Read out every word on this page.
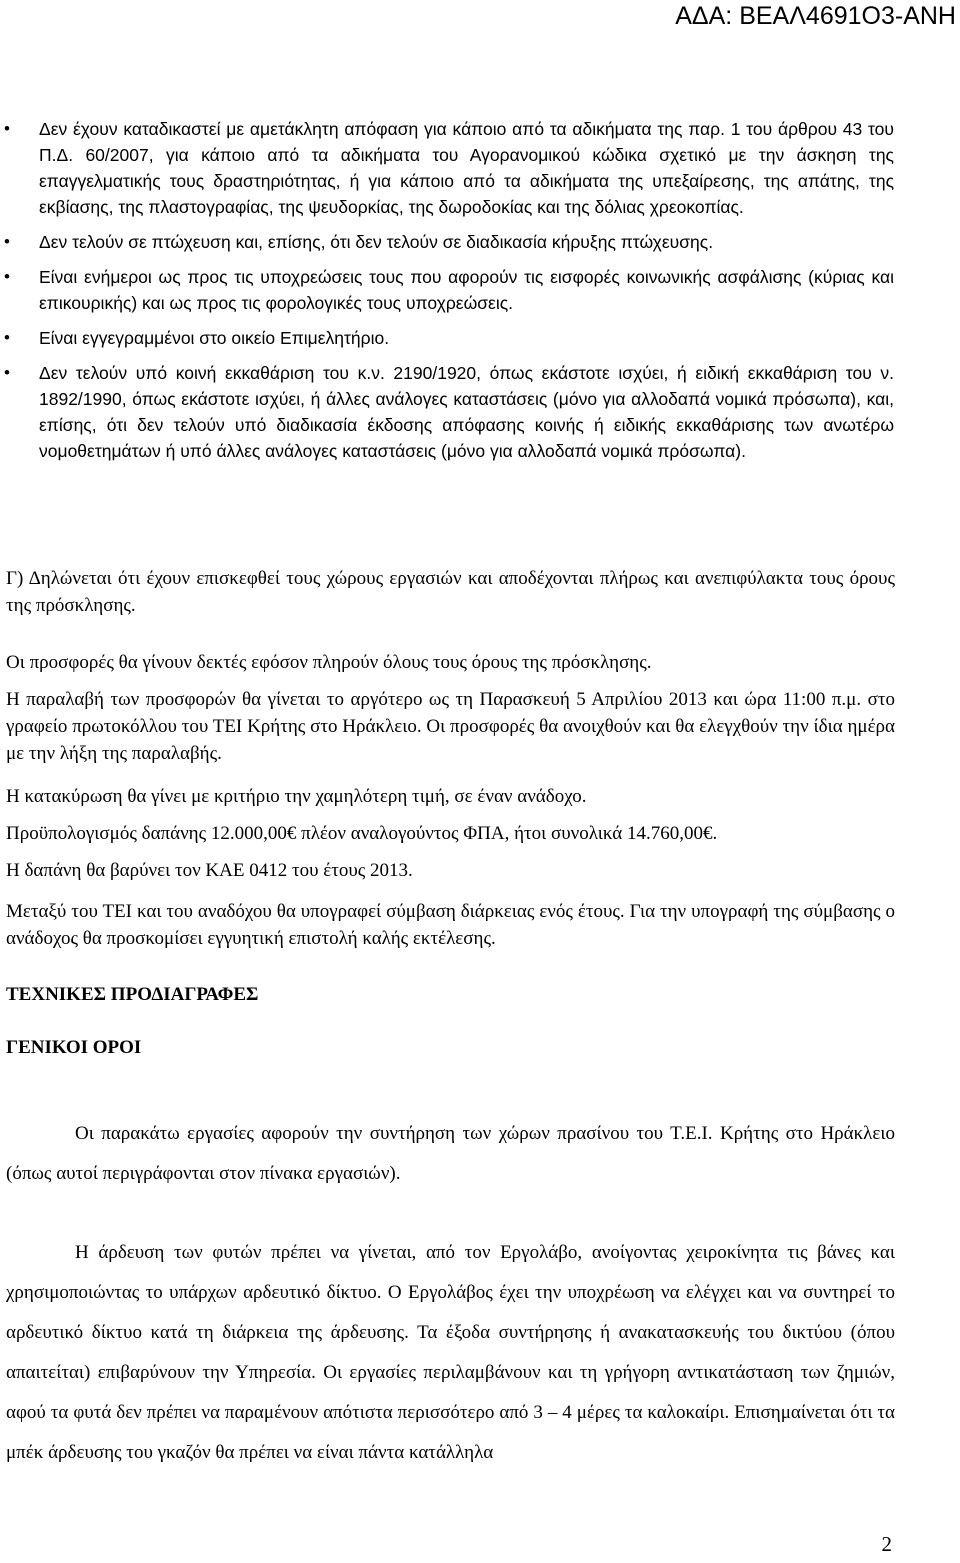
ΑΔΑ: ΒΕΑΛ4691Ο3-ΑΝΗ
• Δεν έχουν καταδικαστεί με αμετάκλητη απόφαση για κάποιο από τα αδικήματα της παρ. 1 του άρθρου 43 του Π.Δ. 60/2007, για κάποιο από τα αδικήματα του Αγορανομικού κώδικα σχετικό με την άσκηση της επαγγελματικής τους δραστηριότητας, ή για κάποιο από τα αδικήματα της υπεξαίρεσης, της απάτης, της εκβίασης, της πλαστογραφίας, της ψευδορκίας, της δωροδοκίας και της δόλιας χρεοκοπίας.
• Δεν τελούν σε πτώχευση και, επίσης, ότι δεν τελούν σε διαδικασία κήρυξης πτώχευσης.
• Είναι ενήμεροι ως προς τις υποχρεώσεις τους που αφορούν τις εισφορές κοινωνικής ασφάλισης (κύριας και επικουρικής) και ως προς τις φορολογικές τους υποχρεώσεις.
• Είναι εγγεγραμμένοι στο οικείο Επιμελητήριο.
• Δεν τελούν υπό κοινή εκκαθάριση του κ.ν. 2190/1920, όπως εκάστοτε ισχύει, ή ειδική εκκαθάριση του ν. 1892/1990, όπως εκάστοτε ισχύει, ή άλλες ανάλογες καταστάσεις (μόνο για αλλοδαπά νομικά πρόσωπα), και, επίσης, ότι δεν τελούν υπό διαδικασία έκδοσης απόφασης κοινής ή ειδικής εκκαθάρισης των ανωτέρω νομοθετημάτων ή υπό άλλες ανάλογες καταστάσεις (μόνο για αλλοδαπά νομικά πρόσωπα).

Γ) Δηλώνεται ότι έχουν επισκεφθεί τους χώρους εργασιών και αποδέχονται πλήρως και ανεπιφύλακτα τους όρους της πρόσκλησης.

Οι προσφορές θα γίνουν δεκτές εφόσον πληρούν όλους τους όρους της πρόσκλησης.

Η παραλαβή των προσφορών θα γίνεται το αργότερο ως τη Παρασκευή 5 Απριλίου 2013 και ώρα 11:00 π.μ. στο γραφείο πρωτοκόλλου του ΤΕΙ Κρήτης στο Ηράκλειο. Οι προσφορές θα ανοιχθούν και θα ελεγχθούν την ίδια ημέρα με την λήξη της παραλαβής.

Η κατακύρωση θα γίνει με κριτήριο την χαμηλότερη τιμή, σε έναν ανάδοχο.

Προϋπολογισμός δαπάνης 12.000,00€ πλέον αναλογούντος ΦΠΑ, ήτοι συνολικά 14.760,00€.

Η δαπάνη θα βαρύνει τον ΚΑΕ 0412 του έτους 2013.

Μεταξύ του ΤΕΙ και του αναδόχου θα υπογραφεί σύμβαση διάρκειας ενός έτους. Για την υπογραφή της σύμβασης ο ανάδοχος θα προσκομίσει εγγυητική επιστολή καλής εκτέλεσης.

ΤΕΧΝΙΚΕΣ ΠΡΟΔΙΑΓΡΑΦΕΣ
ΓΕΝΙΚΟΙ ΟΡΟΙ

Οι παρακάτω εργασίες αφορούν την συντήρηση των χώρων πρασίνου του Τ.Ε.Ι. Κρήτης στο Ηράκλειο (όπως αυτοί περιγράφονται στον πίνακα εργασιών).

Η άρδευση των φυτών πρέπει να γίνεται, από τον Εργολάβο, ανοίγοντας χειροκίνητα τις βάνες και χρησιμοποιώντας το υπάρχων αρδευτικό δίκτυο. Ο Εργολάβος έχει την υποχρέωση να ελέγχει και να συντηρεί το αρδευτικό δίκτυο κατά τη διάρκεια της άρδευσης. Τα έξοδα συντήρησης ή ανακατασκευής του δικτύου (όπου απαιτείται) επιβαρύνουν την Υπηρεσία. Οι εργασίες περιλαμβάνουν και τη γρήγορη αντικατάσταση των ζημιών, αφού τα φυτά δεν πρέπει να παραμένουν απότιστα περισσότερο από 3 – 4 μέρες τα καλοκαίρι. Επισημαίνεται ότι τα μπέκ άρδευσης του γκαζόν θα πρέπει να είναι πάντα κατάλληλα

2
